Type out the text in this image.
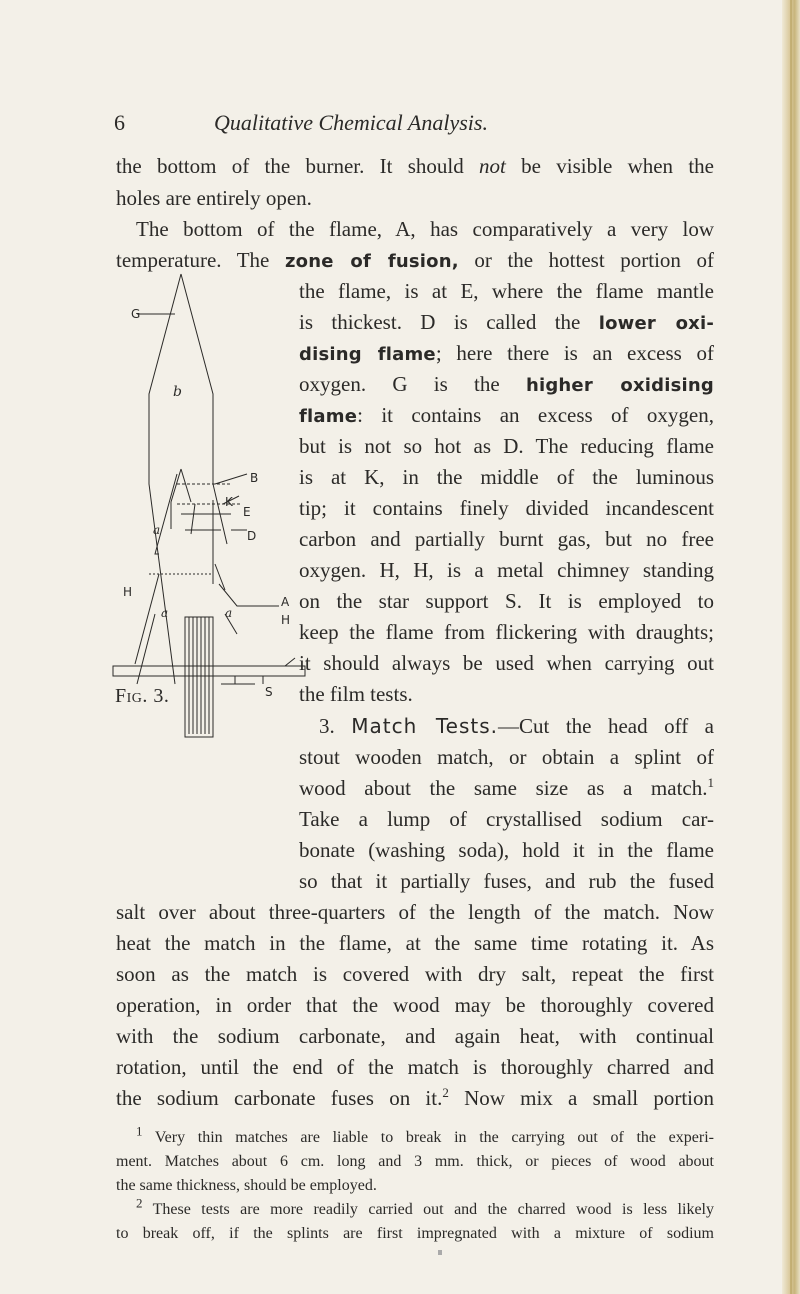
6	Qualitative Chemical Analysis.
the bottom of the burner. It should not be visible when the
holes are entirely open.
The bottom of the flame, A, has comparatively a very low
temperature. The zone of fusion, or the hottest portion of
the flame, is at E, where the flame mantle
is thickest. D is called the lower oxi-
dising flame; here there is an excess of
oxygen. G is the higher oxidising
flame: it contains an excess of oxygen,
but is not so hot as D. The reducing flame
is at K, in the middle of the luminous
tip; it contains finely divided incandescent
carbon and partially burnt gas, but no free
oxygen. H, H, is a metal chimney standing
on the star support S. It is employed to
keep the flame from flickering with draughts;
it should always be used when carrying out
the film tests.
3. Match Tests.—Cut the head off a
stout wooden match, or obtain a splint of
wood about the same size as a match.$^1$
Take a lump of crystallised sodium car-
bonate (washing soda), hold it in the flame
so that it partially fuses, and rub the fused
salt over about three-quarters of the length of the match. Now
heat the match in the flame, at the same time rotating it. As
soon as the match is covered with dry salt, repeat the first
operation, in order that the wood may be thoroughly covered
with the sodium carbonate, and again heat, with continual
rotation, until the end of the match is thoroughly charred and
the sodium carbonate fuses on it.$^2$ Now mix a small portion
$^1$ Very thin matches are liable to break in the carrying out of the experi-
ment. Matches about 6 cm. long and 3 mm. thick, or pieces of wood about
the same thickness, should be employed.
$^2$ These tests are more readily carried out and the charred wood is less likely
to break off, if the splints are first impregnated with a mixture of sodium
G
b
B
K
E
D
a
a	a
H
A
H
S
Fig. 3.
